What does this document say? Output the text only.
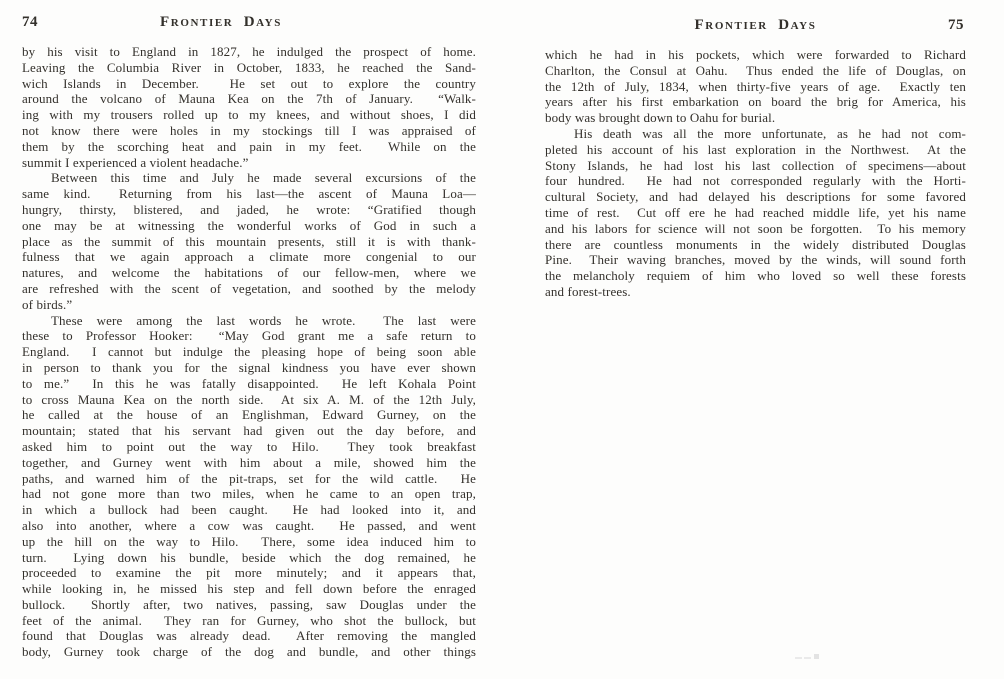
74	Frontier Days
by his visit to England in 1827, he indulged the prospect of home.
Leaving the Columbia River in October, 1833, he reached the Sand-
wich Islands in December.  He set out to explore the country
around the volcano of Mauna Kea on the 7th of January.  “Walk-
ing with my trousers rolled up to my knees, and without shoes, I did
not know there were holes in my stockings till I was appraised of
them by the scorching heat and pain in my feet.  While on the
summit I experienced a violent headache.”
Between this time and July he made several excursions of the
same kind.  Returning from his last—the ascent of Mauna Loa—
hungry, thirsty, blistered, and jaded, he wrote: “Gratified though
one may be at witnessing the wonderful works of God in such a
place as the summit of this mountain presents, still it is with thank-
fulness that we again approach a climate more congenial to our
natures, and welcome the habitations of our fellow-men, where we
are refreshed with the scent of vegetation, and soothed by the melody
of birds.”
These were among the last words he wrote.  The last were
these to Professor Hooker:  “May God grant me a safe return to
England.  I cannot but indulge the pleasing hope of being soon able
in person to thank you for the signal kindness you have ever shown
to me.”  In this he was fatally disappointed.  He left Kohala Point
to cross Mauna Kea on the north side.  At six A. M. of the 12th July,
he called at the house of an Englishman, Edward Gurney, on the
mountain; stated that his servant had given out the day before, and
asked him to point out the way to Hilo.  They took breakfast
together, and Gurney went with him about a mile, showed him the
paths, and warned him of the pit-traps, set for the wild cattle.  He
had not gone more than two miles, when he came to an open trap,
in which a bullock had been caught.  He had looked into it, and
also into another, where a cow was caught.  He passed, and went
up the hill on the way to Hilo.  There, some idea induced him to
turn.  Lying down his bundle, beside which the dog remained, he
proceeded to examine the pit more minutely; and it appears that,
while looking in, he missed his step and fell down before the enraged
bullock.  Shortly after, two natives, passing, saw Douglas under the
feet of the animal.  They ran for Gurney, who shot the bullock, but
found that Douglas was already dead.  After removing the mangled
body, Gurney took charge of the dog and bundle, and other things
Frontier Days	75
which he had in his pockets, which were forwarded to Richard
Charlton, the Consul at Oahu.  Thus ended the life of Douglas, on
the 12th of July, 1834, when thirty-five years of age.  Exactly ten
years after his first embarkation on board the brig for America, his
body was brought down to Oahu for burial.
His death was all the more unfortunate, as he had not com-
pleted his account of his last exploration in the Northwest.  At the
Stony Islands, he had lost his last collection of specimens—about
four hundred.  He had not corresponded regularly with the Horti-
cultural Society, and had delayed his descriptions for some favored
time of rest.  Cut off ere he had reached middle life, yet his name
and his labors for science will not soon be forgotten.  To his memory
there are countless monuments in the widely distributed Douglas
Pine.  Their waving branches, moved by the winds, will sound forth
the melancholy requiem of him who loved so well these forests
and forest-trees.
